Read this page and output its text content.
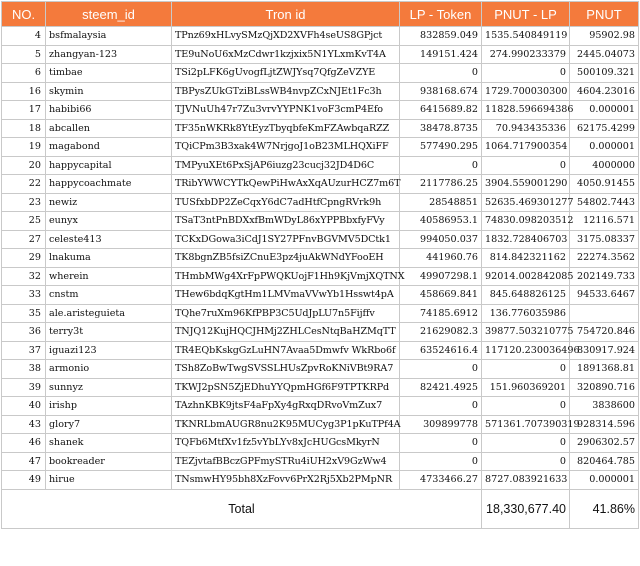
NO.	steem_id	Tron id	LP - Token	PNUT - LP	PNUT
4	bsfmalaysia	TPnz69xHLvySMzQjXD2XVFh4seUS8GPjct	832859.049	1535.540849119	95902.98
5	zhangyan-123	TE9uNoU6xMzCdwr1kzjxix5N1YLxmKvT4A	149151.424	274.990233379	2445.04073
6	timbae	TSi2pLFK6gUvogfLjtZWJYsq7QfgZeVZYE	0	0	500109.321
16	skymin	TBPysZUkGTziBLssWB4nvpZCxNJEt1Fc3h	938168.674	1729.700030300	4604.23016
17	habibi66	TJVNuUh47r7Zu3vrvYYPNK1voF3cmP4Efo	6415689.82	11828.596694386	0.000001
18	abcallen	TF35nWKRk8YtEyzTbyqbfeKmFZAwbqaRZZ	38478.8735	70.943435336	62175.4299
19	magabond	TQiCPm3B3xak4W7NrjgoJ1oB23MLHQXiFF	577490.295	1064.717900354	0.000001
20	happycapital	TMPyuXEt6PxSjAP6iuzg23cucj32JD4D6C	0	0	4000000
22	happycoachmate	TRibYWWCYTkQewPiHwAxXqAUzurHCZ7m6T	2117786.25	3904.559001290	4050.91455
23	newiz	TUSfxbDP2ZeCqxY6dC7adHtfCpngRVrk9h	28548851	52635.469301277	54802.7443
25	eunyx	TSaT3ntPnBDXxfBmWDyL86xYPPBbxfyFVy	40586953.1	74830.098203512	12116.571
27	celeste413	TCKxDGowa3iCdJ1SY27PFnvBGVMV5DCtk1	994050.037	1832.728406703	3175.08337
29	lnakuma	TK8bgnZB5fsiZCnuE3pz4juAkWNdYFooEH	441960.76	814.842321162	22274.3562
32	wherein	THmbMWg4XrFpPWQKUojF1Hh9KjVmjXQTNX	49907298.1	92014.002842085	202149.733
33	cnstm	THew6bdqKgtHm1LMVmaVVwYb1Hsswt4pA	458669.841	845.648826125	94533.6467
35	ale.aristeguieta	TQhe7ruXm96KfPBP3C5UdJpLU7n5Fijffv	74185.6912	136.776035986	
36	terry3t	TNJQ12KujHQCJHMj2ZHLCesNtqBaHZMqTT	21629082.3	39877.503210775	754720.846
37	iguazi123	TR4EQbKskgGzLuHN7Avaa5Dmwfv WkRbo6f	63524616.4	117120.230036496	830917.924
38	armonio	TSh8ZoBwTwgSVSSLHUsZpvRoKNiVBt9RA7	0	0	1891368.81
39	sunnyz	TKWJ2pSN5ZjEDhuYYQpmHGf6F9TPTKRPd	82421.4925	151.960369201	320890.716
40	irishp	TAzhnKBK9jtsF4aFpXy4gRxqDRvoVmZux7	0	0	3838600
43	glory7	TKNRLbmAUGR8nu2K95MUCyg3P1pKuTPf4A	309899778	571361.707390319	928314.596
46	shanek	TQFb6MtfXv1fz5vYbLYv8xJcHUGcsMkyrN	0	0	2906302.57
47	bookreader	TEZjvtafBBczGPFmySTRu4iUH2xV9GzWw4	0	0	820464.785
49	hirue	TNsmwHY95bh8XzFovv6PrX2Rj5Xb2PMpNR	4733466.27	8727.083921633	0.000001
Total				18,330,677.40	41.86%
